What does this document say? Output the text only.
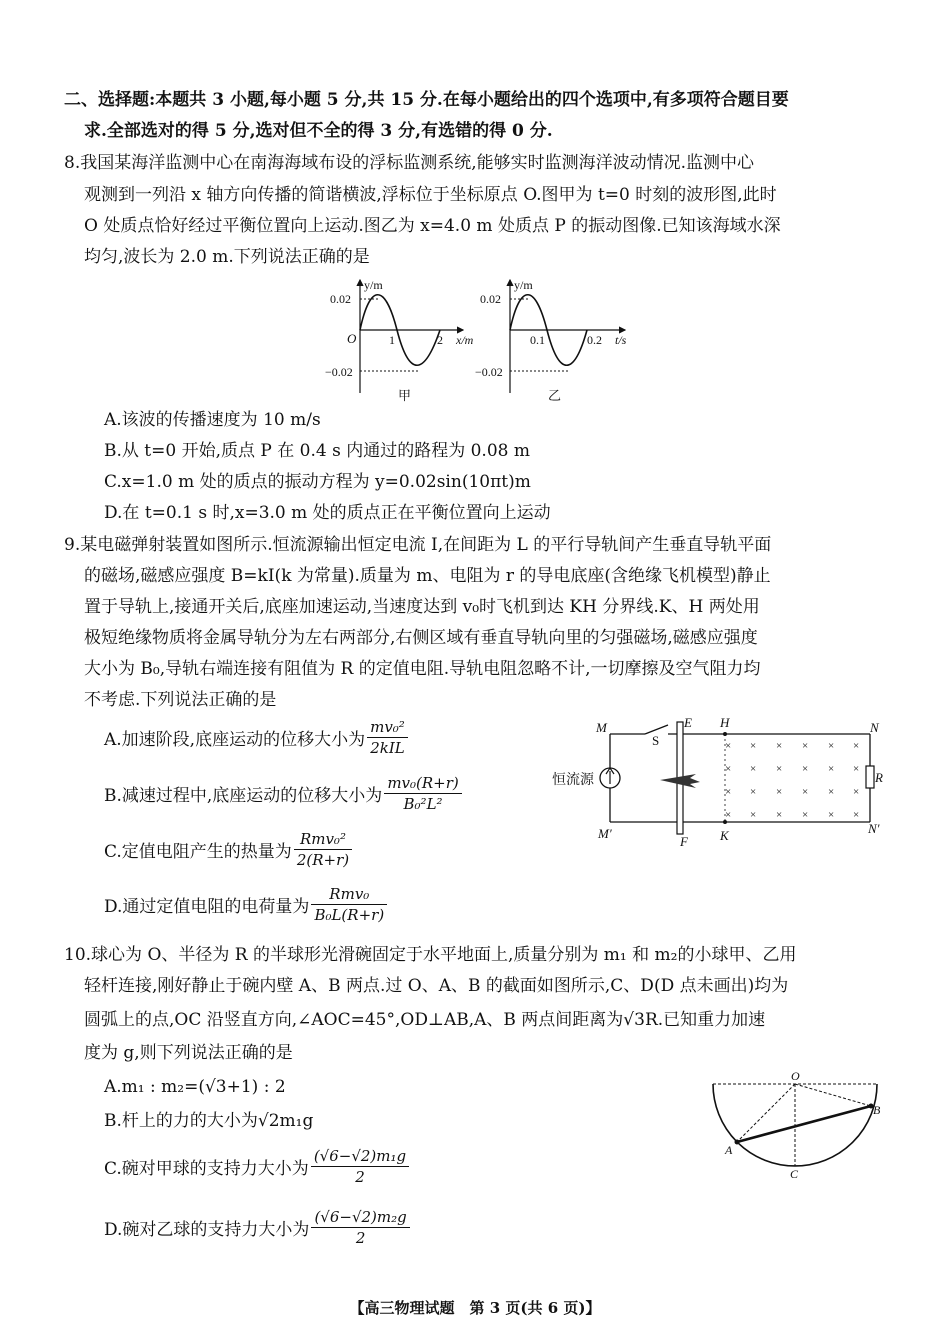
二、选择题:本题共 3 小题,每小题 5 分,共 15 分.在每小题给出的四个选项中,有多项符合题目要
求.全部选对的得 5 分,选对但不全的得 3 分,有选错的得 0 分.
8.我国某海洋监测中心在南海海域布设的浮标监测系统,能够实时监测海洋波动情况.监测中心
观测到一列沿 x 轴方向传播的简谐横波,浮标位于坐标原点 O.图甲为 t=0 时刻的波形图,此时
O 处质点恰好经过平衡位置向上运动.图乙为 x=4.0 m 处质点 P 的振动图像.已知该海域水深
均匀,波长为 2.0 m.下列说法正确的是
y/m
0.02
−0.02
O	1	2 x/m
甲
y/m
0.02
−0.02
0.1	0.2 t/s
乙
A.该波的传播速度为 10 m/s
B.从 t=0 开始,质点 P 在 0.4 s 内通过的路程为 0.08 m
C.x=1.0 m 处的质点的振动方程为 y=0.02sin(10πt)m
D.在 t=0.1 s 时,x=3.0 m 处的质点正在平衡位置向上运动
9.某电磁弹射装置如图所示.恒流源输出恒定电流 I,在间距为 L 的平行导轨间产生垂直导轨平面
的磁场,磁感应强度 B=kI(k 为常量).质量为 m、电阻为 r 的导电底座(含绝缘飞机模型)静止
置于导轨上,接通开关后,底座加速运动,当速度达到 v₀时飞机到达 KH 分界线.K、H 两处用
极短绝缘物质将金属导轨分为左右两部分,右侧区域有垂直导轨向里的匀强磁场,磁感应强度
大小为 B₀,导轨右端连接有阻值为 R 的定值电阻.导轨电阻忽略不计,一切摩擦及空气阻力均
不考虑.下列说法正确的是
A.加速阶段,底座运动的位移大小为 $\frac{\text{mv₀²}}{\text{2kIL}}$
B.减速过程中,底座运动的位移大小为 $\frac{\text{mv₀(R+r)}}{\text{B₀²L²}}$
C.定值电阻产生的热量为 $\frac{\text{Rmv₀²}}{2(R+r)}$
D.通过定值电阻的电荷量为 $\frac{\text{Rmv₀}}{\text{B₀L(R+r)}}$
× × × × × ×
× × × × × ×
× × × × × ×
× × × × × ×
M
M′
S
E
F
H
K
N
N′
R
恒流源
10.球心为 O、半径为 R 的半球形光滑碗固定于水平地面上,质量分别为 m₁ 和 m₂的小球甲、乙用
轻杆连接,刚好静止于碗内壁 A、B 两点.过 O、A、B 的截面如图所示,C、D(D 点未画出)均为
圆弧上的点,OC 沿竖直方向,∠AOC=45°,OD⊥AB,A、B 两点间距离为√3R.已知重力加速
度为 g,则下列说法正确的是
A.m₁ : m₂=(√3+1) : 2
B.杆上的力的大小为√2m₁g
C.碗对甲球的支持力大小为 $\frac{\text{(√6−√2)m₁g}}{2}$
D.碗对乙球的支持力大小为 $\frac{\text{(√6−√2)m₂g}}{2}$
O
A
B
C
【高三物理试题　第 3 页(共 6 页)】
